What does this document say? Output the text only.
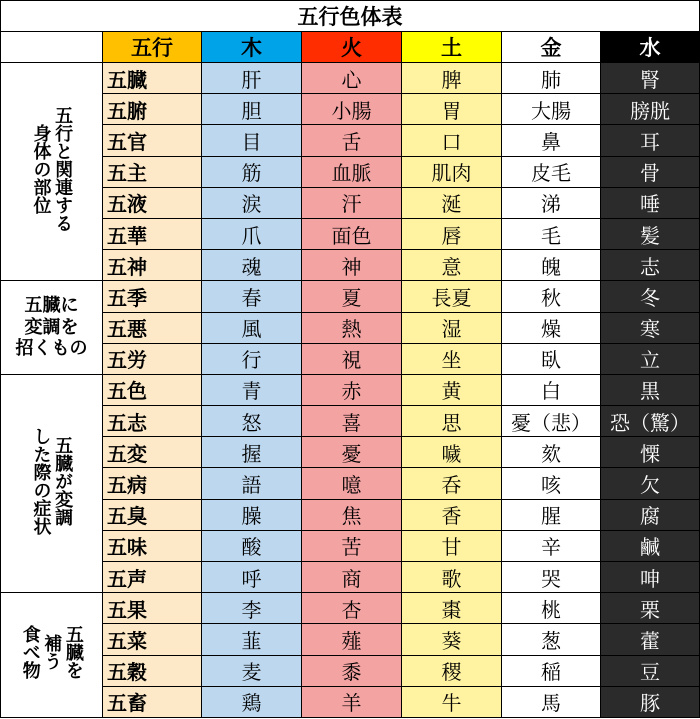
五行色体表						
	五行	木	火	土	金	水
五行と関連する
身体の部位	五臓	肝	心	脾	肺	腎
	五腑	胆	小腸	胃	大腸	膀胱
	五官	目	舌	口	鼻	耳
	五主	筋	血脈	肌肉	皮毛	骨
	五液	涙	汗	涎	涕	唾
	五華	爪	面色	唇	毛	髪
	五神	魂	神	意	魄	志
五臓に
変調を
招くもの	五季	春	夏	長夏	秋	冬
	五悪	風	熱	湿	燥	寒
	五労	行	視	坐	臥	立
五臓が変調
した際の症状	五色	青	赤	黄	白	黒
	五志	怒	喜	思	憂（悲）	恐（驚）
	五変	握	憂	噦	欬	慄
	五病	語	噫	呑	咳	欠
	五臭	臊	焦	香	腥	腐
	五味	酸	苦	甘	辛	鹹
	五声	呼	商	歌	哭	呻
五臓を
補う
食べ物	五果	李	杏	棗	桃	栗
	五菜	韮	薤	葵	葱	藿
	五穀	麦	黍	稷	稲	豆
	五畜	鶏	羊	牛	馬	豚
